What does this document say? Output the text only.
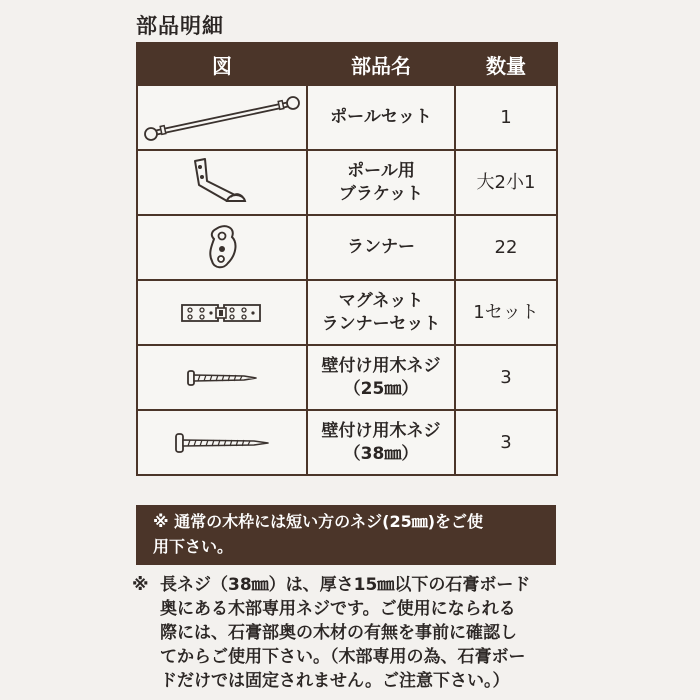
部品明細
図	部品名	数量

	ポールセット	1

	ポール用
ブラケット	大2小1

	ランナー	22

	マグネット
ランナーセット	1セット

	壁付け用木ネジ
（25㎜）	3

	壁付け用木ネジ
（38㎜）	3
※ 通常の木枠には短い方のネジ(25㎜)をご使
用下さい。
※ 長ネジ（38㎜）は、厚さ15㎜以下の石膏ボード
奥にある木部専用ネジです。ご使用になられる
際には、石膏部奥の木材の有無を事前に確認し
てからご使用下さい。（木部専用の為、石膏ボー
ドだけでは固定されません。ご注意下さい。）
